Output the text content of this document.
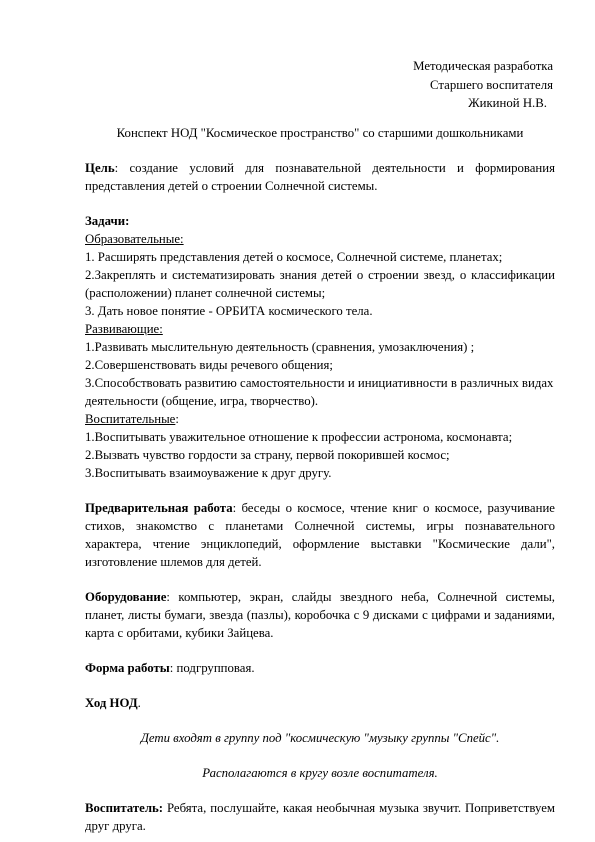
Методическая разработка
Старшего воспитателя
Жикиной Н.В.
Конспект НОД "Космическое пространство" со старшими дошкольниками
Цель: создание условий для познавательной деятельности и формирования представления детей о строении Солнечной системы.
Задачи:
Образовательные:
1. Расширять представления детей о космосе, Солнечной системе, планетах;
2.Закреплять и систематизировать знания детей о строении звезд, о классификации (расположении) планет солнечной системы;
3. Дать новое понятие - ОРБИТА космического тела.
Развивающие:
1.Развивать мыслительную деятельность (сравнения, умозаключения) ;
2.Совершенствовать виды речевого общения;
3.Способствовать развитию самостоятельности и инициативности в различных видах деятельности (общение, игра, творчество).
Воспитательные:
1.Воспитывать уважительное отношение к профессии астронома, космонавта;
2.Вызвать чувство гордости за страну, первой покорившей космос;
3.Воспитывать взаимоуважение к друг другу.
Предварительная работа: беседы о космосе, чтение книг о космосе, разучивание стихов, знакомство с планетами Солнечной системы, игры познавательного характера, чтение энциклопедий, оформление выставки "Космические дали", изготовление шлемов для детей.
Оборудование: компьютер, экран, слайды звездного неба, Солнечной системы, планет, листы бумаги, звезда (пазлы), коробочка с 9 дисками с цифрами и заданиями, карта с орбитами, кубики Зайцева.
Форма работы: подгрупповая.
Ход НОД.
Дети входят в группу под "космическую "музыку группы "Спейс".
Располагаются в кругу возле воспитателя.
Воспитатель: Ребята, послушайте, какая необычная музыка звучит. Поприветствуем друг друга.
